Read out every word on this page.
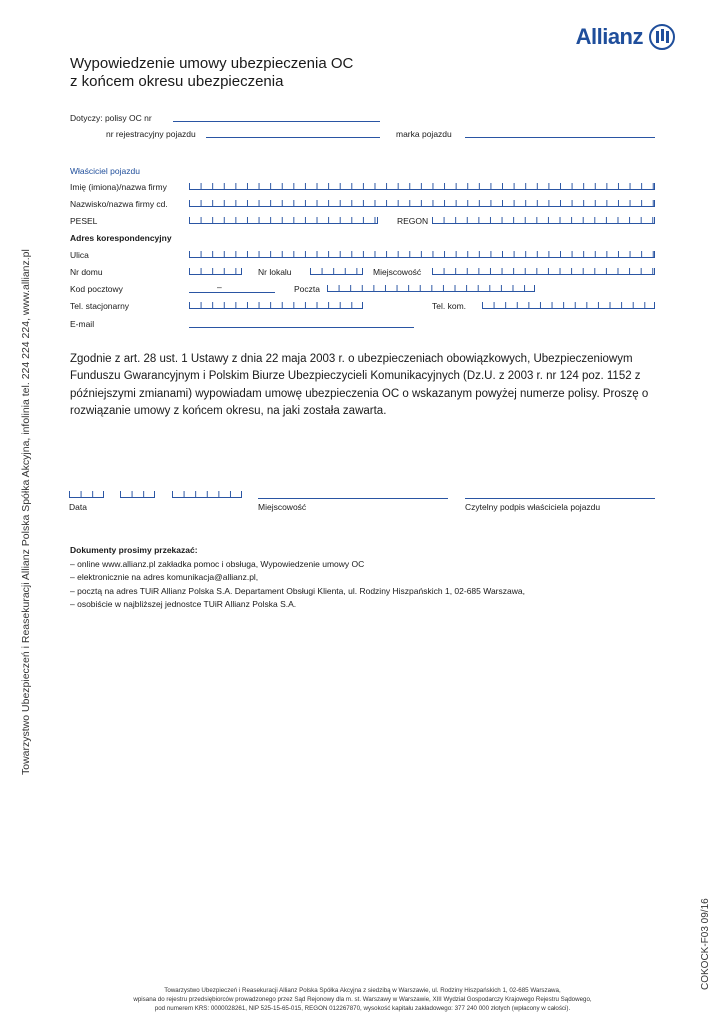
Allianz
Wypowiedzenie umowy ubezpieczenia OC
z końcem okresu ubezpieczenia
Dotyczy: polisy OC nr
nr rejestracyjny pojazdu	marka pojazdu
Właściciel pojazdu
Imię (imiona)/nazwa firmy
Nazwisko/nazwa firmy cd.
PESEL	REGON
Adres korespondencyjny
Ulica
Nr domu	Nr lokalu	Miejscowość
Kod pocztowy	–	Poczta
Tel. stacjonarny	Tel. kom.
E-mail
Zgodnie z art. 28 ust. 1 Ustawy z dnia 22 maja 2003 r. o ubezpieczeniach obowiązkowych, Ubezpieczeniowym Funduszu Gwarancyjnym i Polskim Biurze Ubezpieczycieli Komunikacyjnych (Dz.U. z 2003 r. nr 124 poz. 1152 z późniejszymi zmianami) wypowiadam umowę ubezpieczenia OC o wskazanym powyżej numerze polisy. Proszę o rozwiązanie umowy z końcem okresu, na jaki została zawarta.
Data	Miejscowość	Czytelny podpis właściciela pojazdu
Dokumenty prosimy przekazać:
– online www.allianz.pl zakładka pomoc i obsługa, Wypowiedzenie umowy OC
– elektronicznie na adres komunikacja@allianz.pl,
– pocztą na adres TUiR Allianz Polska S.A. Departament Obsługi Klienta, ul. Rodziny Hiszpańskich 1, 02-685 Warszawa,
– osobiście w najbliższej jednostce TUiR Allianz Polska S.A.
Towarzystwo Ubezpieczeń i Reasekuracji Allianz Polska Spółka Akcyjna, infolinia tel. 224 224 224, www.allianz.pl
COKOCK-F03 09/16
Towarzystwo Ubezpieczeń i Reasekuracji Allianz Polska Spółka Akcyjna z siedzibą w Warszawie, ul. Rodziny Hiszpańskich 1, 02-685 Warszawa,
wpisana do rejestru przedsiębiorców prowadzonego przez Sąd Rejonowy dla m. st. Warszawy w Warszawie, XIII Wydział Gospodarczy Krajowego Rejestru Sądowego,
pod numerem KRS: 0000028261, NIP 525-15-65-015, REGON 012267870, wysokość kapitału zakładowego: 377 240 000 złotych (wpłacony w całości).
